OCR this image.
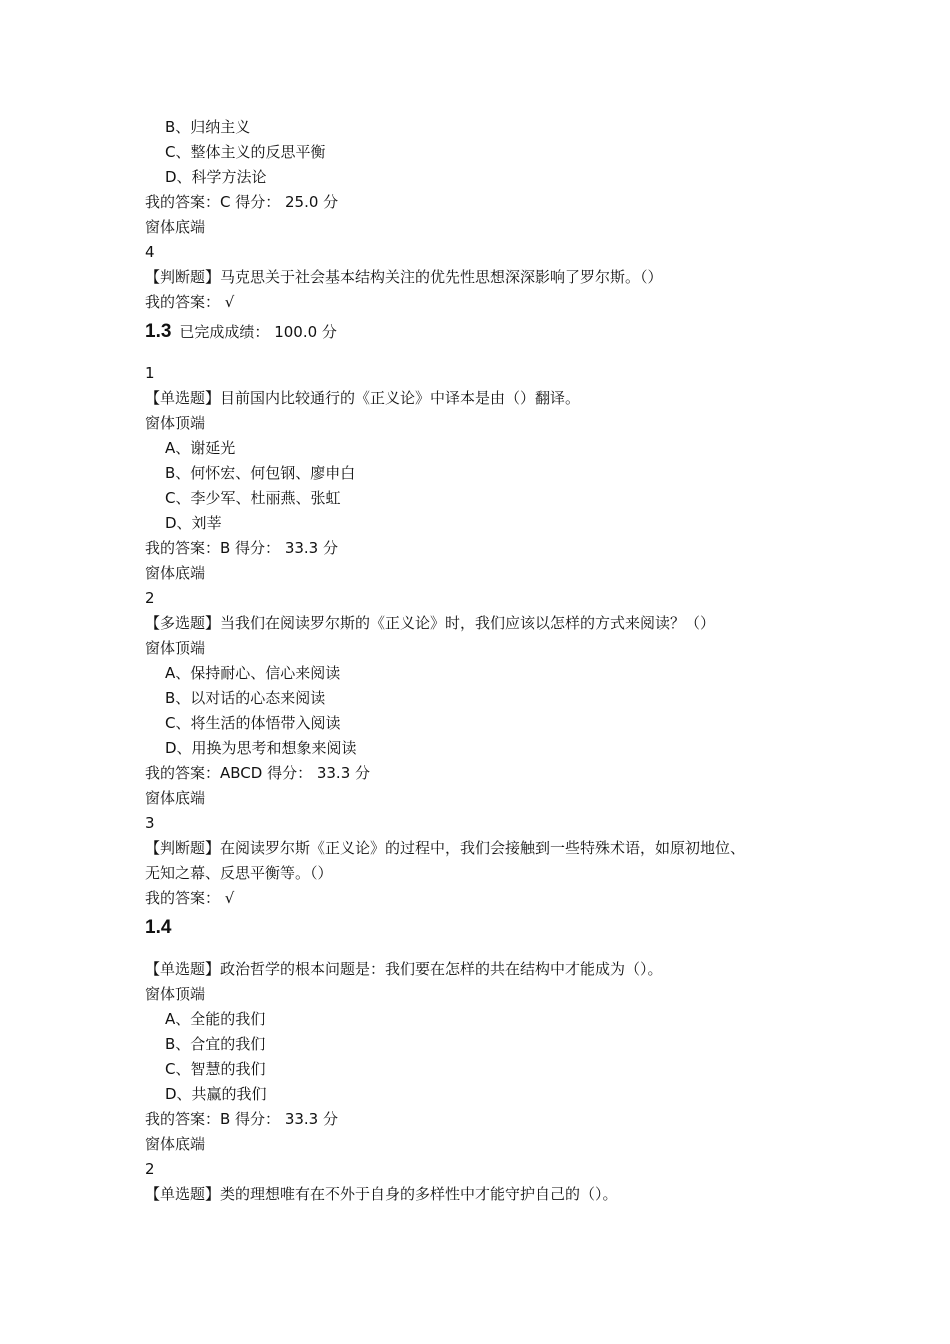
B、归纳主义
C、整体主义的反思平衡
D、科学方法论
我的答案：C 得分： 25.0 分
窗体底端
4
【判断题】马克思关于社会基本结构关注的优先性思想深深影响了罗尔斯。（）
我的答案： √
1.3 已完成成绩： 100.0 分
1
【单选题】目前国内比较通行的《正义论》中译本是由（）翻译。
窗体顶端
A、谢延光
B、何怀宏、何包钢、廖申白
C、李少军、杜丽燕、张虹
D、刘莘
我的答案：B 得分： 33.3 分
窗体底端
2
【多选题】当我们在阅读罗尔斯的《正义论》时，我们应该以怎样的方式来阅读？（）
窗体顶端
A、保持耐心、信心来阅读
B、以对话的心态来阅读
C、将生活的体悟带入阅读
D、用换为思考和想象来阅读
我的答案：ABCD 得分： 33.3 分
窗体底端
3
【判断题】在阅读罗尔斯《正义论》的过程中，我们会接触到一些特殊术语，如原初地位、
无知之幕、反思平衡等。（）
我的答案： √
1.4
【单选题】政治哲学的根本问题是：我们要在怎样的共在结构中才能成为（）。
窗体顶端
A、全能的我们
B、合宜的我们
C、智慧的我们
D、共赢的我们
我的答案：B 得分： 33.3 分
窗体底端
2
【单选题】类的理想唯有在不外于自身的多样性中才能守护自己的（）。
